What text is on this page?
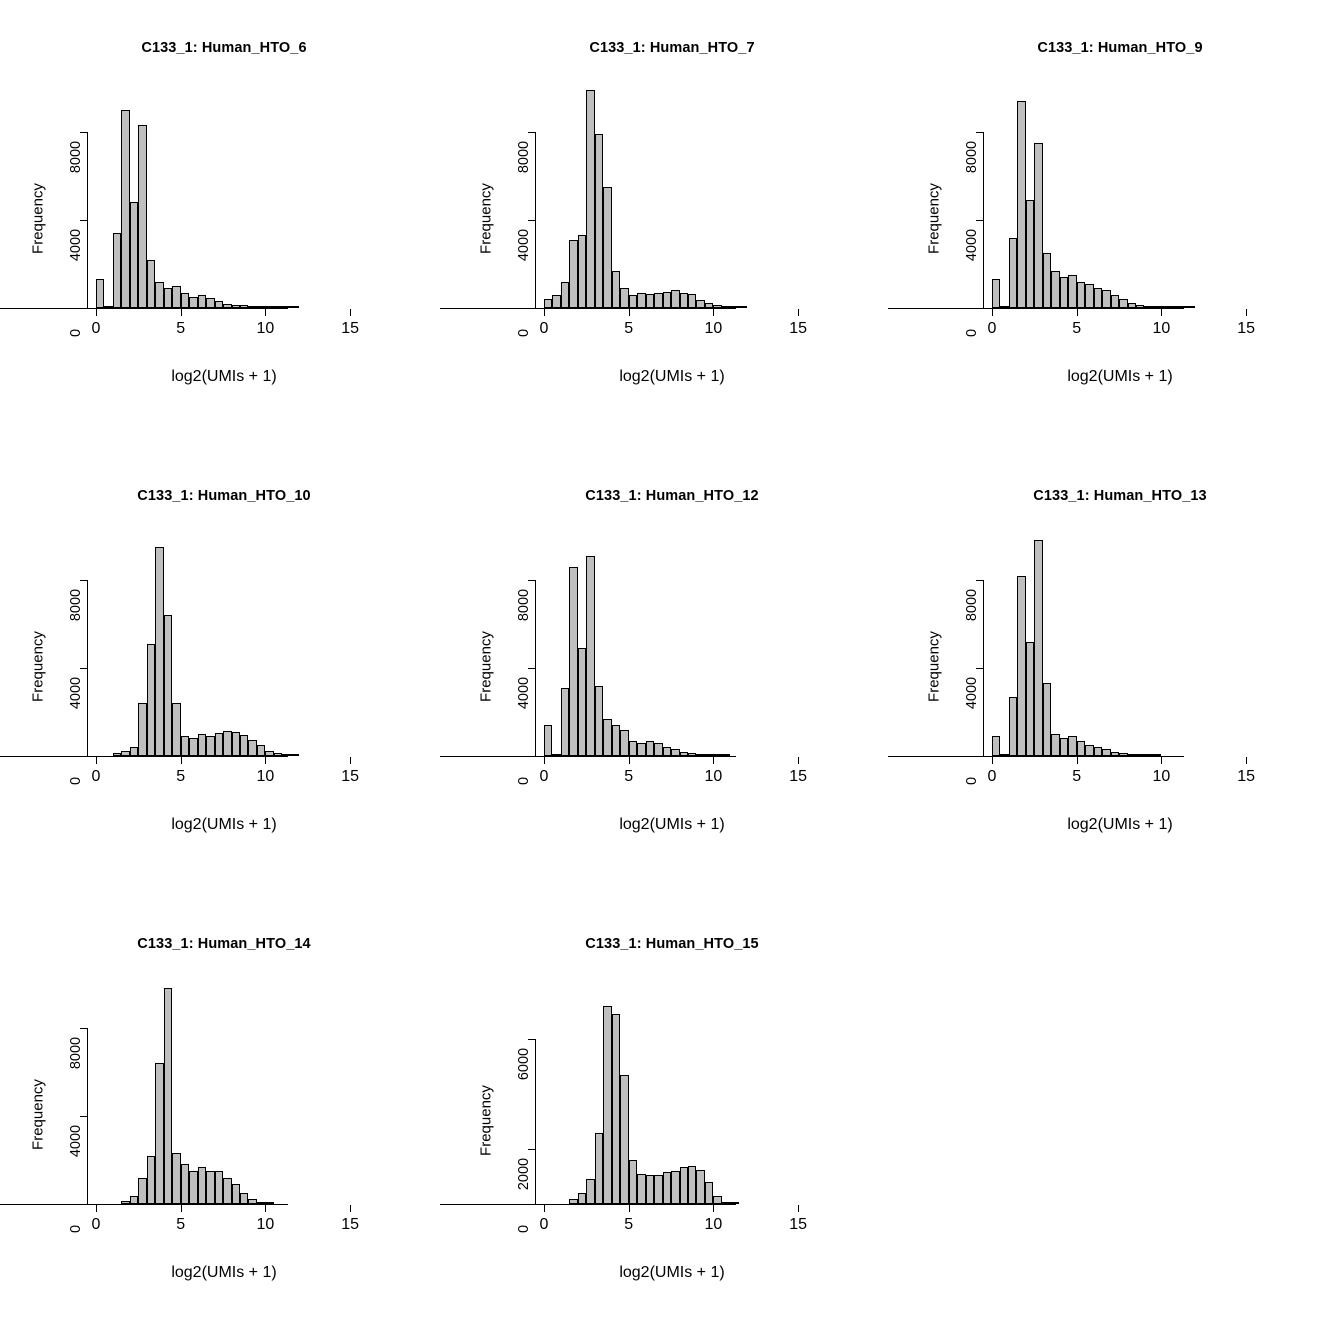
C133_1: Human_HTO_6
0	5	10	15
0
4000
8000
Frequency
log2(UMIs + 1)
C133_1: Human_HTO_7
0	5	10	15
0
4000
8000
Frequency
log2(UMIs + 1)
C133_1: Human_HTO_9
0	5	10	15
0
4000
8000
Frequency
log2(UMIs + 1)
C133_1: Human_HTO_10
0	5	10	15
0
4000
8000
Frequency
log2(UMIs + 1)
C133_1: Human_HTO_12
0	5	10	15
0
4000
8000
Frequency
log2(UMIs + 1)
C133_1: Human_HTO_13
0	5	10	15
0
4000
8000
Frequency
log2(UMIs + 1)
C133_1: Human_HTO_14
0	5	10	15
0
4000
8000
Frequency
log2(UMIs + 1)
C133_1: Human_HTO_15
0	5	10	15
0
2000
6000
Frequency
log2(UMIs + 1)
